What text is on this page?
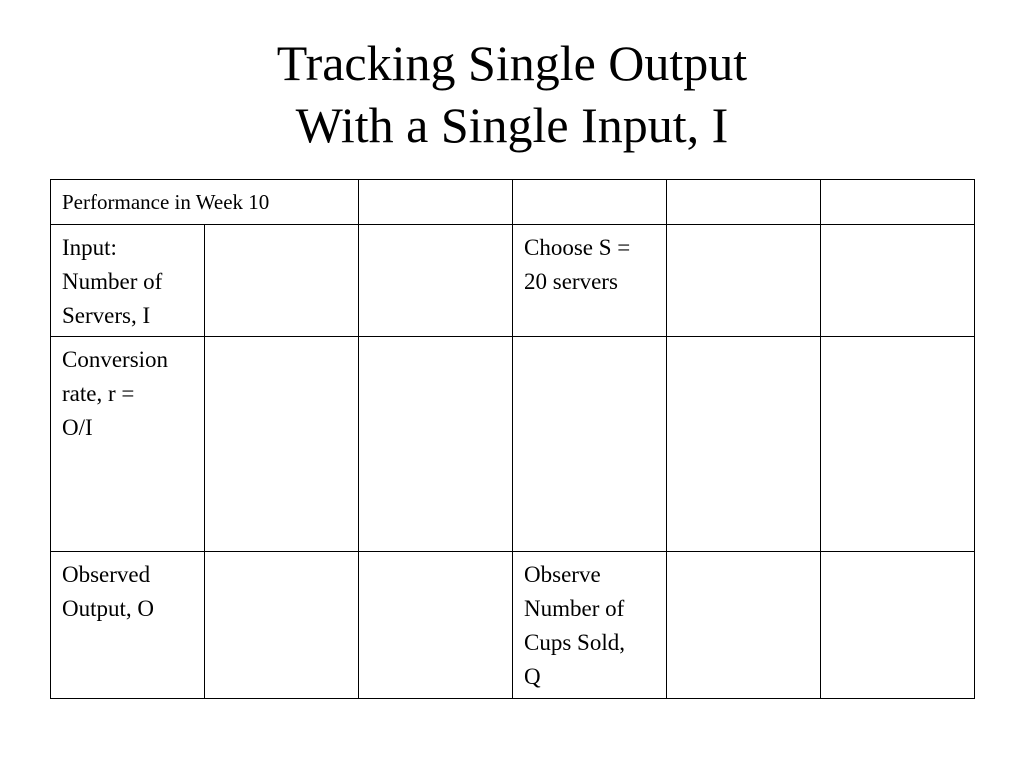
Tracking Single Output
With a Single Input, I
Performance in Week 10					

Input:
Number of
Servers, I			Choose S =
20 servers		

Conversion
rate, r =
O/I					

Observed
Output, O			Observe
Number of
Cups Sold,
Q		
